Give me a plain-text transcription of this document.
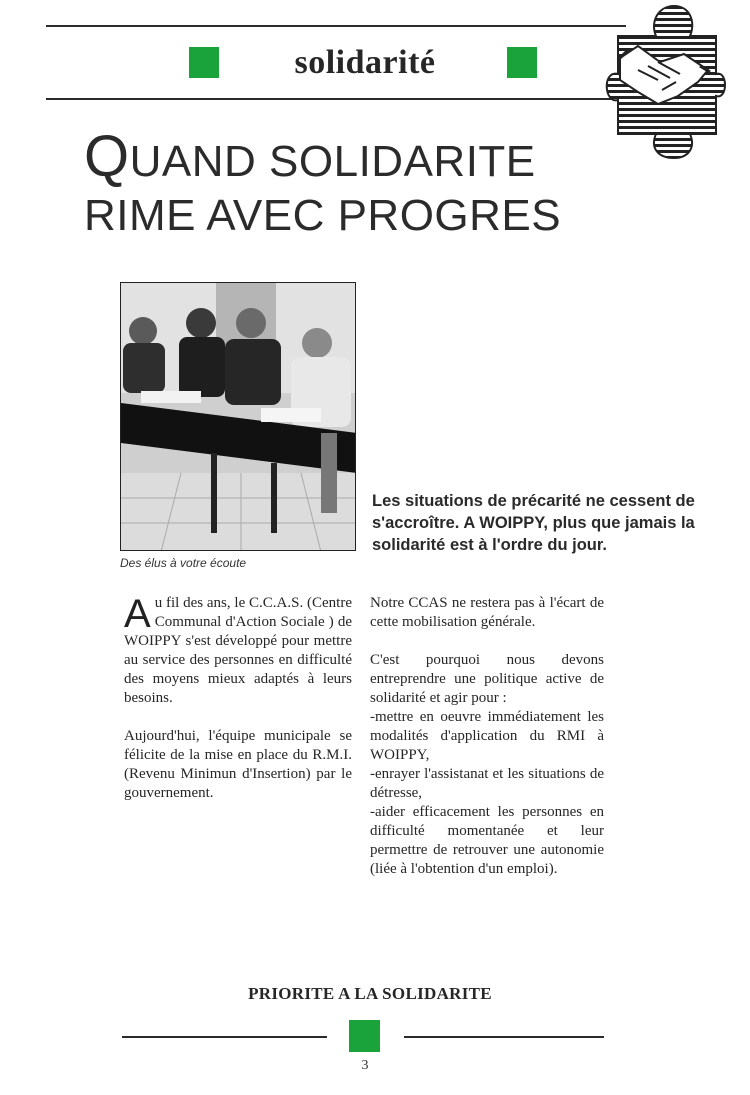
solidarité
QUAND SOLIDARITE
RIME AVEC PROGRES
Des élus à votre écoute
Les situations de précarité ne cessent de s'accroître. A WOIPPY, plus que jamais la solidarité est à l'ordre du jour.

Au fil des ans, le C.C.A.S. (Centre Communal d'Action Sociale ) de WOIPPY s'est développé pour mettre au service des personnes en difficulté des moyens mieux adaptés à leurs besoins.

Aujourd'hui, l'équipe municipale se félicite de la mise en place du R.M.I. (Revenu Minimun d'Insertion) par le gouvernement.

Notre CCAS ne restera pas à l'écart de cette mobilisation générale.

C'est pourquoi nous devons entreprendre une politique active de solidarité et agir pour :
-mettre en oeuvre immédiatement les modalités d'application du RMI à WOIPPY,
-enrayer l'assistanat et les situations de détresse,
-aider efficacement les personnes en difficulté momentanée et leur permettre de retrouver une autonomie (liée à l'obtention d'un emploi).

PRIORITE A LA SOLIDARITE
3
